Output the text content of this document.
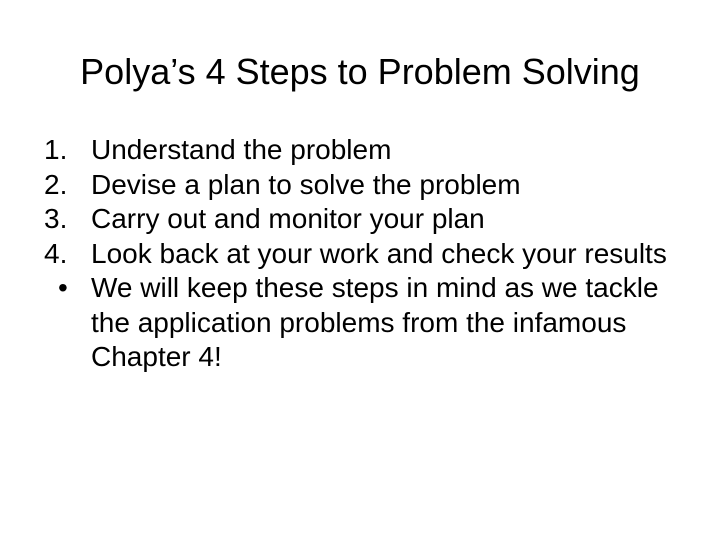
Polya’s 4 Steps to Problem Solving
1. Understand the problem
2. Devise a plan to solve the problem
3. Carry out and monitor your plan
4. Look back at your work and check your results
• We will keep these steps in mind as we tackle the application problems from the infamous Chapter 4!
